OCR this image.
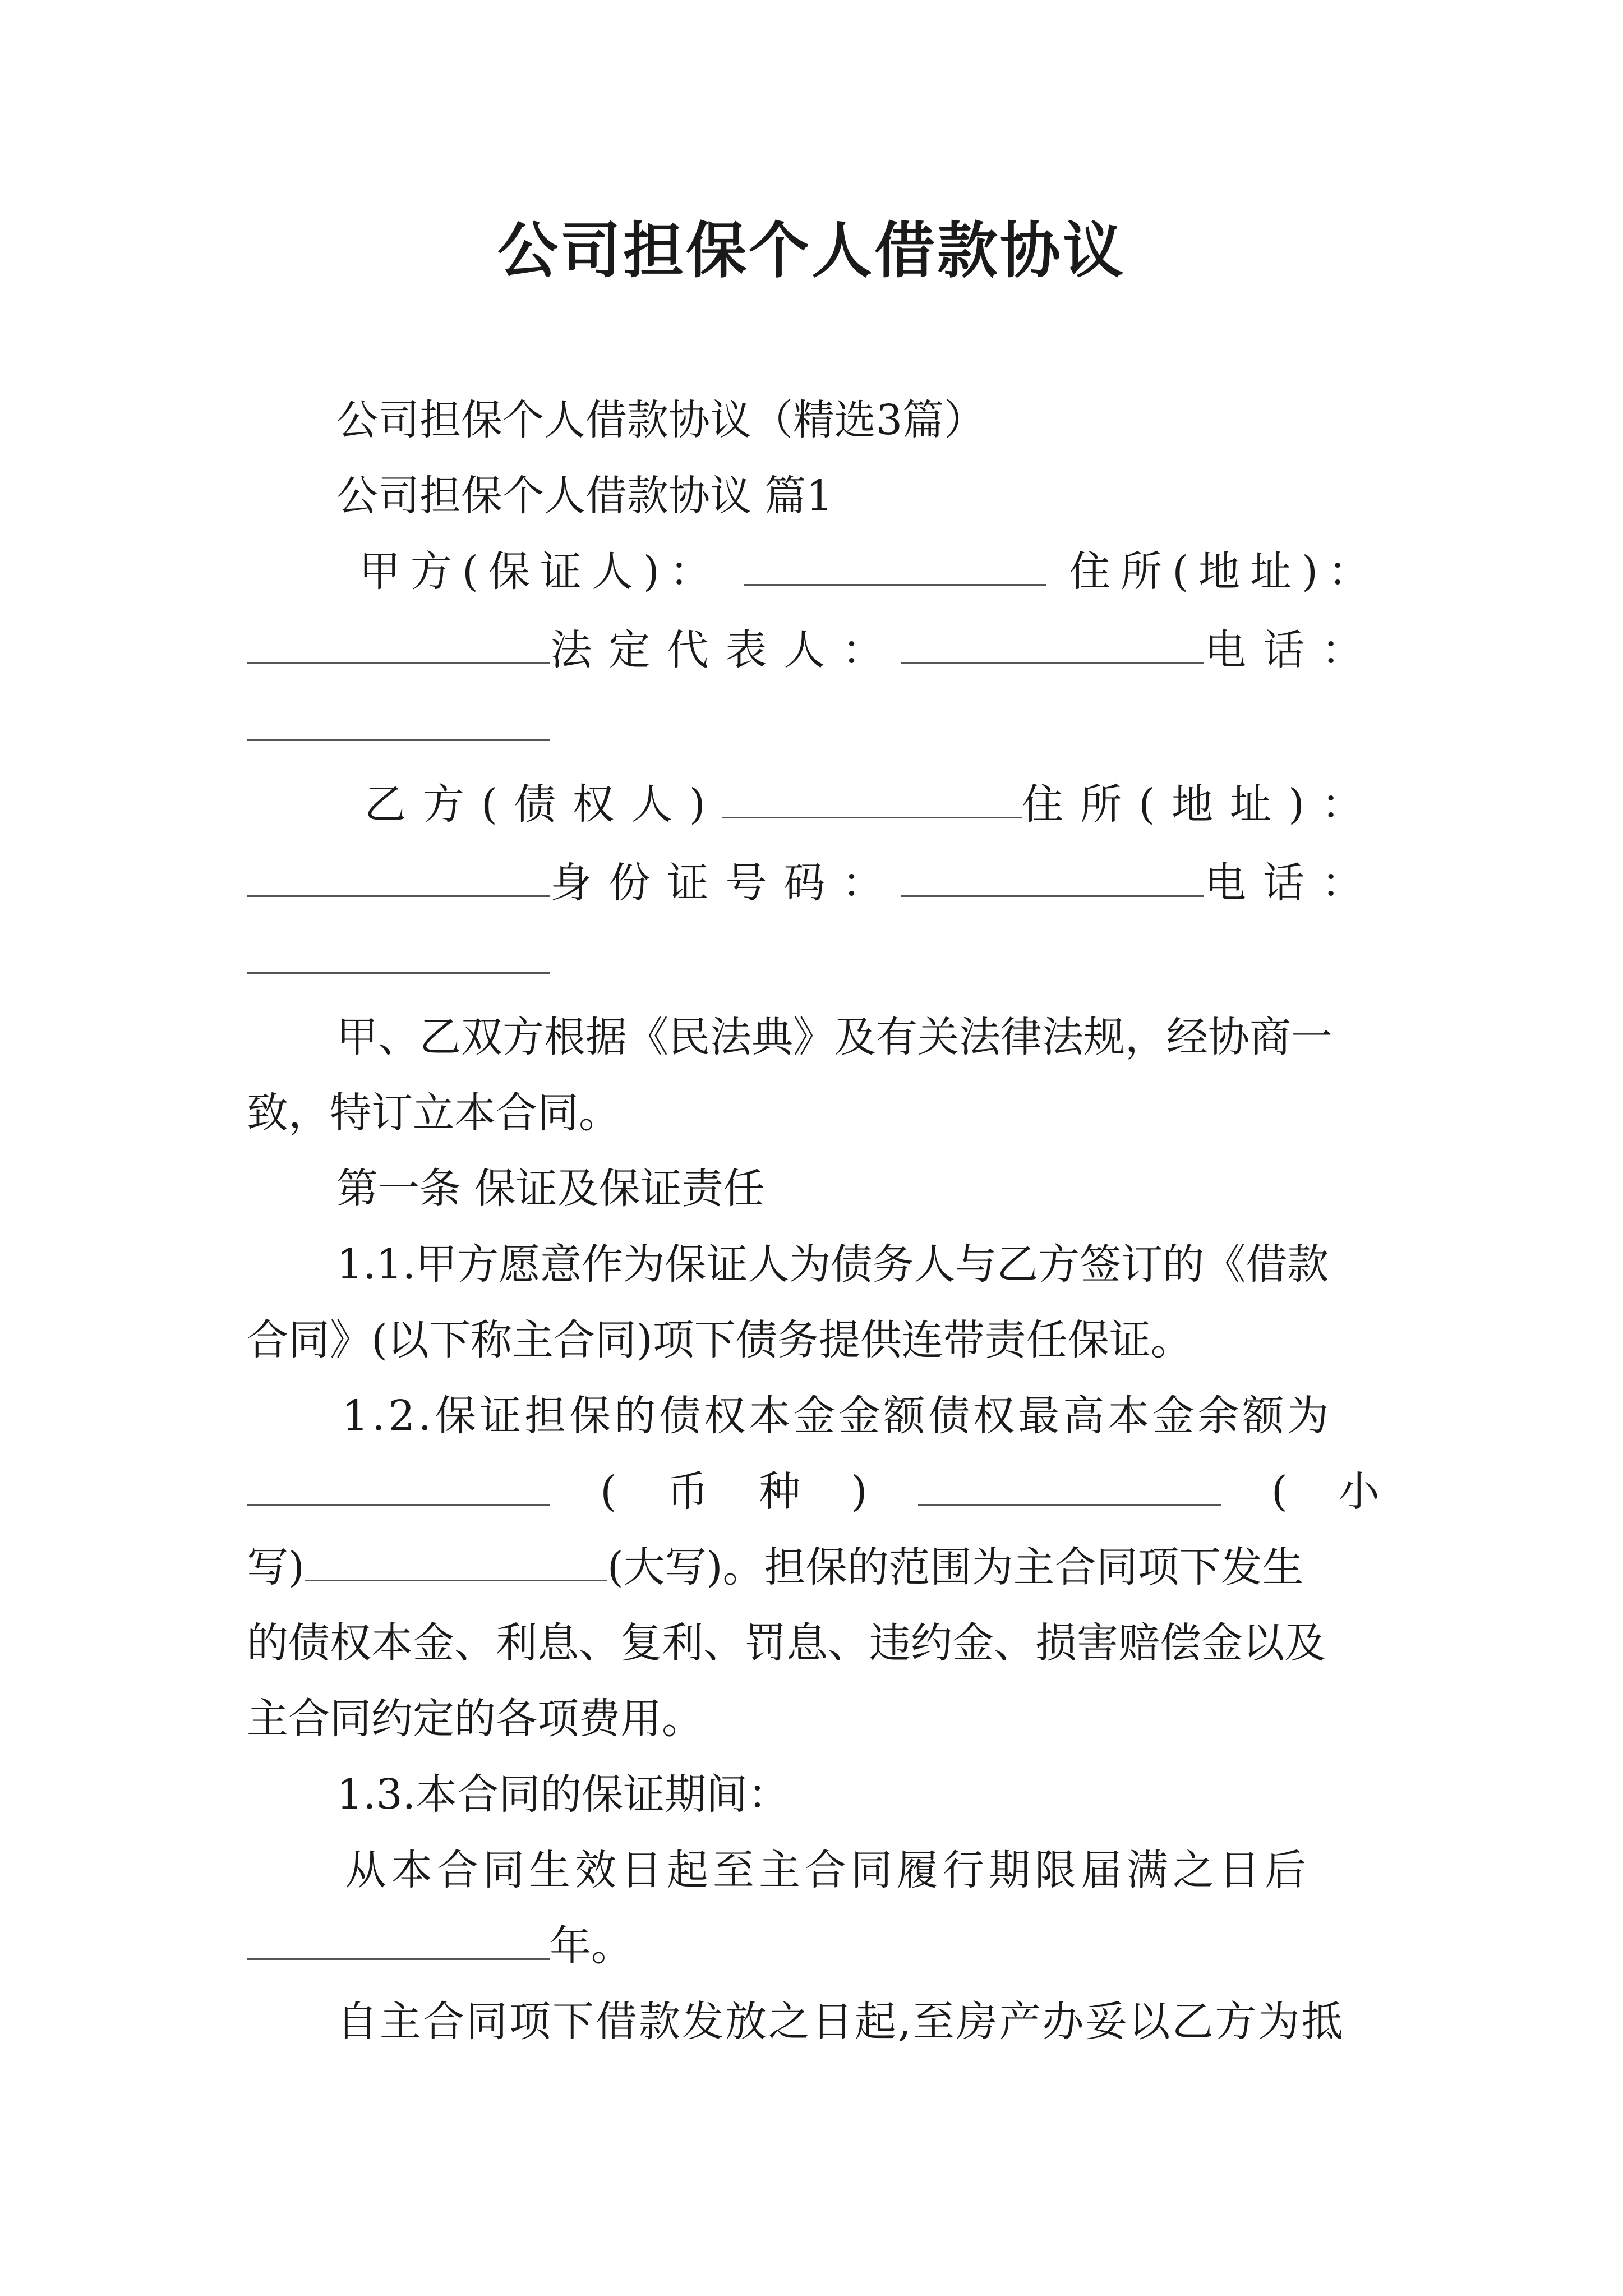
公司担保个人借款协议
公司担保个人借款协议（精选3篇）
公司担保个人借款协议 篇1
甲方(保证人)：	住所(地址)：
法定代表人：	电话：
乙方(债权人)	住所(地址)：
身份证号码：	电话：
甲、乙双方根据《民法典》及有关法律法规，经协商一
致，特订立本合同。
第一条 保证及保证责任
1.1.甲方愿意作为保证人为债务人与乙方签订的《借款
合同》(以下称主合同)项下债务提供连带责任保证。
1.2.保证担保的债权本金金额债权最高本金余额为
( 币 种 )	( 小
写)	(大写)。担保的范围为主合同项下发生
的债权本金、利息、复利、罚息、违约金、损害赔偿金以及
主合同约定的各项费用。
1.3.本合同的保证期间：
从本合同生效日起至主合同履行期限届满之日后
年。
自主合同项下借款发放之日起,至房产办妥以乙方为抵
